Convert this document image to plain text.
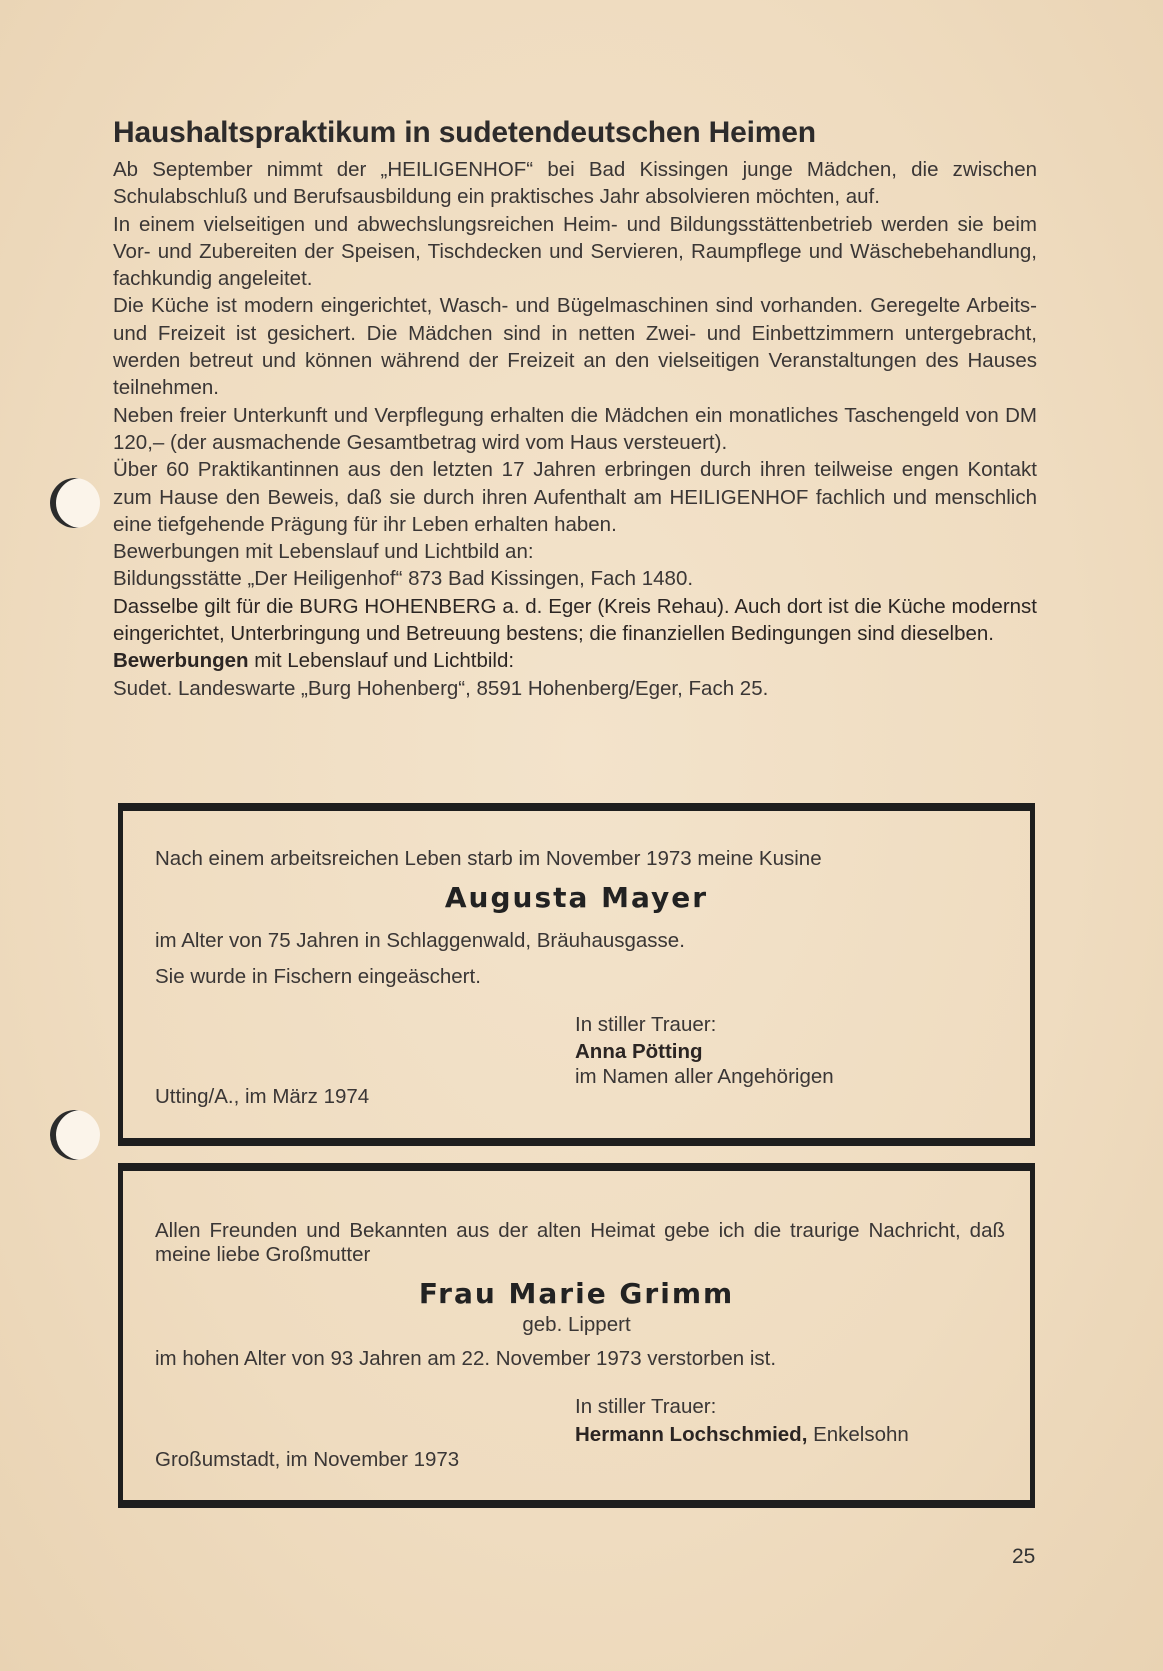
Haushaltspraktikum in sudetendeutschen Heimen

Ab September nimmt der „HEILIGENHOF“ bei Bad Kissingen junge Mädchen, die zwischen Schulabschluß und Berufsausbildung ein praktisches Jahr absolvieren möchten, auf.

In einem vielseitigen und abwechslungsreichen Heim- und Bildungsstättenbetrieb werden sie beim Vor- und Zubereiten der Speisen, Tischdecken und Servieren, Raumpflege und Wäschebehandlung, fachkundig angeleitet.

Die Küche ist modern eingerichtet, Wasch- und Bügelmaschinen sind vorhanden. Geregelte Arbeits- und Freizeit ist gesichert. Die Mädchen sind in netten Zwei- und Einbettzimmern untergebracht, werden betreut und können während der Freizeit an den vielseitigen Veranstaltungen des Hauses teilnehmen.

Neben freier Unterkunft und Verpflegung erhalten die Mädchen ein monatliches Taschengeld von DM 120,– (der ausmachende Gesamtbetrag wird vom Haus versteuert).

Über 60 Praktikantinnen aus den letzten 17 Jahren erbringen durch ihren teilweise engen Kontakt zum Hause den Beweis, daß sie durch ihren Aufenthalt am HEILIGENHOF fachlich und menschlich eine tiefgehende Prägung für ihr Leben erhalten haben.

Bewerbungen mit Lebenslauf und Lichtbild an:

Bildungsstätte „Der Heiligenhof“ 873 Bad Kissingen, Fach 1480.

Dasselbe gilt für die BURG HOHENBERG a. d. Eger (Kreis Rehau). Auch dort ist die Küche modernst eingerichtet, Unterbringung und Betreuung bestens; die finanziellen Bedingungen sind dieselben.

Bewerbungen mit Lebenslauf und Lichtbild:

Sudet. Landeswarte „Burg Hohenberg“, 8591 Hohenberg/Eger, Fach 25.

Nach einem arbeitsreichen Leben starb im November 1973 meine Kusine
Augusta Mayer
im Alter von 75 Jahren in Schlaggenwald, Bräuhausgasse.
Sie wurde in Fischern eingeäschert.
In stiller Trauer:
Anna Pötting
im Namen aller Angehörigen
Utting/A., im März 1974
Allen Freunden und Bekannten aus der alten Heimat gebe ich die traurige Nachricht, daß meine liebe Großmutter
Frau Marie Grimm
geb. Lippert
im hohen Alter von 93 Jahren am 22. November 1973 verstorben ist.
In stiller Trauer:
Hermann Lochschmied, Enkelsohn
Großumstadt, im November 1973
25
